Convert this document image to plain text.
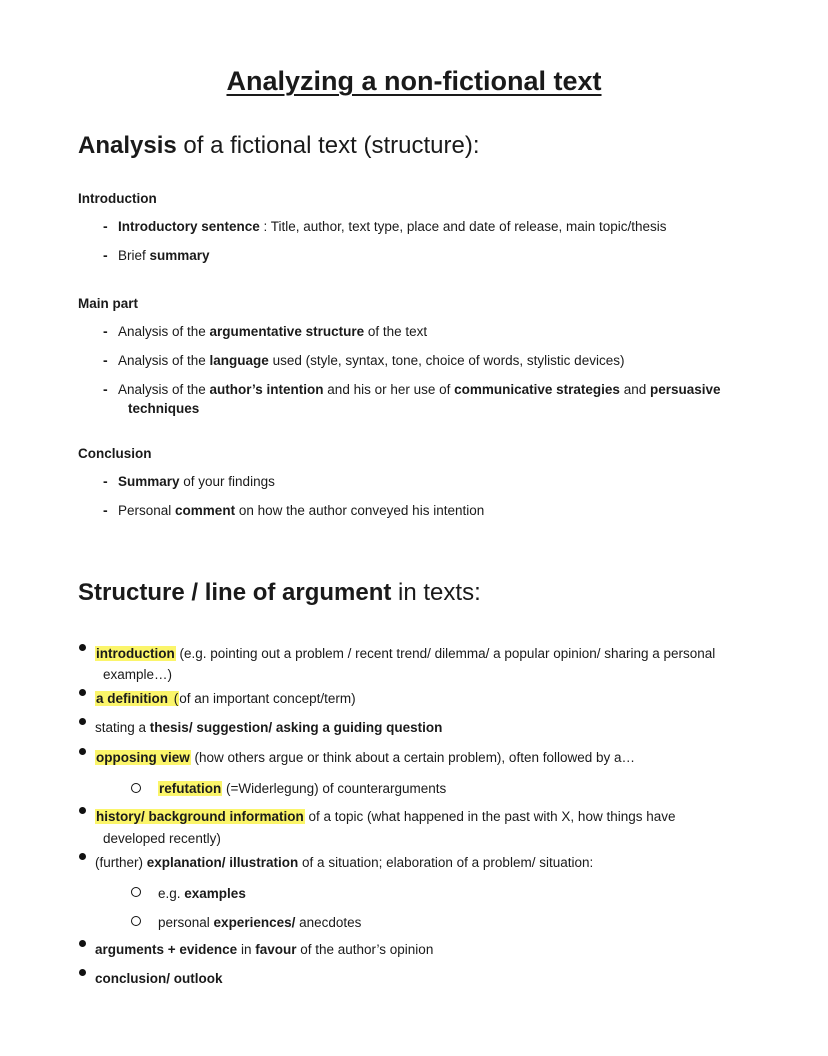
Analyzing a non-fictional text
Analysis of a fictional text (structure):
Introduction
- Introductory sentence : Title, author, text type, place and date of release, main topic/thesis
- Brief summary
Main part
- Analysis of the argumentative structure of the text
- Analysis of the language used (style, syntax, tone, choice of words, stylistic devices)
- Analysis of the author’s intention and his or her use of communicative strategies and persuasive
techniques
Conclusion
- Summary of your findings
- Personal comment on how the author conveyed his intention
Structure / line of argument in texts:
introduction (e.g. pointing out a problem / recent trend/ dilemma/ a popular opinion/ sharing a personal
example…)
a definition (of an important concept/term)
stating a thesis/ suggestion/ asking a guiding question
opposing view (how others argue or think about a certain problem), often followed by a…
refutation (=Widerlegung) of counterarguments
history/ background information of a topic (what happened in the past with X, how things have
developed recently)
(further) explanation/ illustration of a situation; elaboration of a problem/ situation:
e.g. examples
personal experiences/ anecdotes
arguments + evidence in favour of the author’s opinion
conclusion/ outlook
